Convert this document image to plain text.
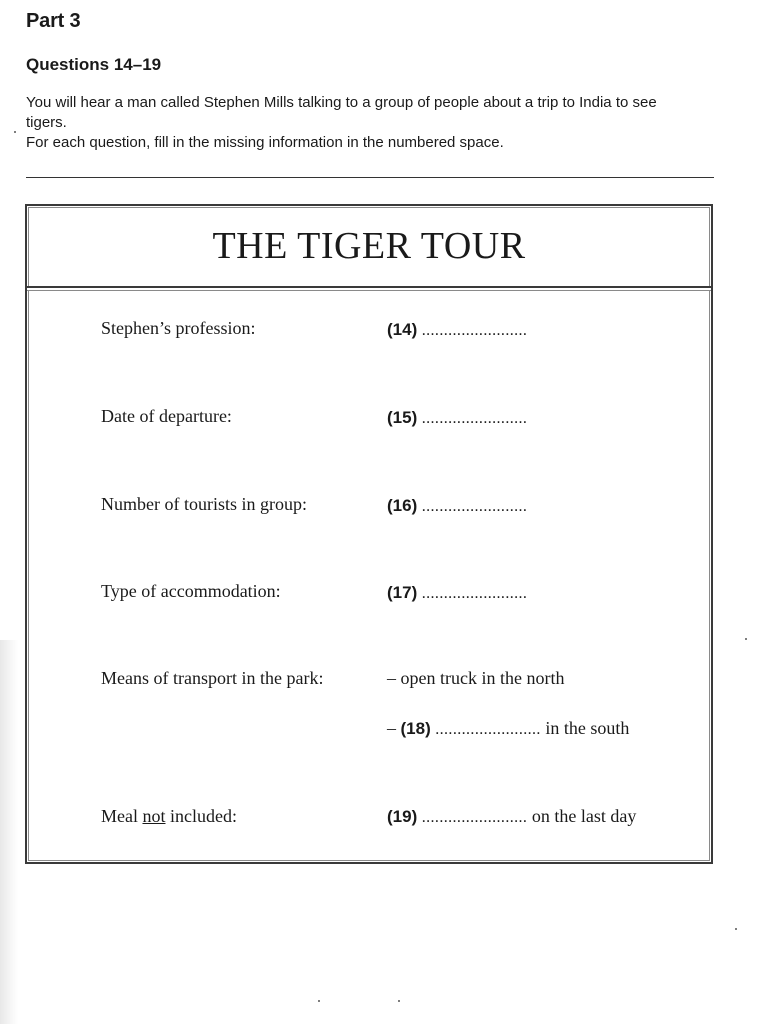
Part 3
Questions 14–19
You will hear a man called Stephen Mills talking to a group of people about a trip to India to see
tigers.
For each question, fill in the missing information in the numbered space.
THE TIGER TOUR
Stephen’s profession:	(14) ........................
Date of departure:	(15) ........................
Number of tourists in group:	(16) ........................
Type of accommodation:	(17) ........................
Means of transport in the park:	– open truck in the north
– (18) ........................ in the south
Meal not included:	(19) ........................ on the last day
